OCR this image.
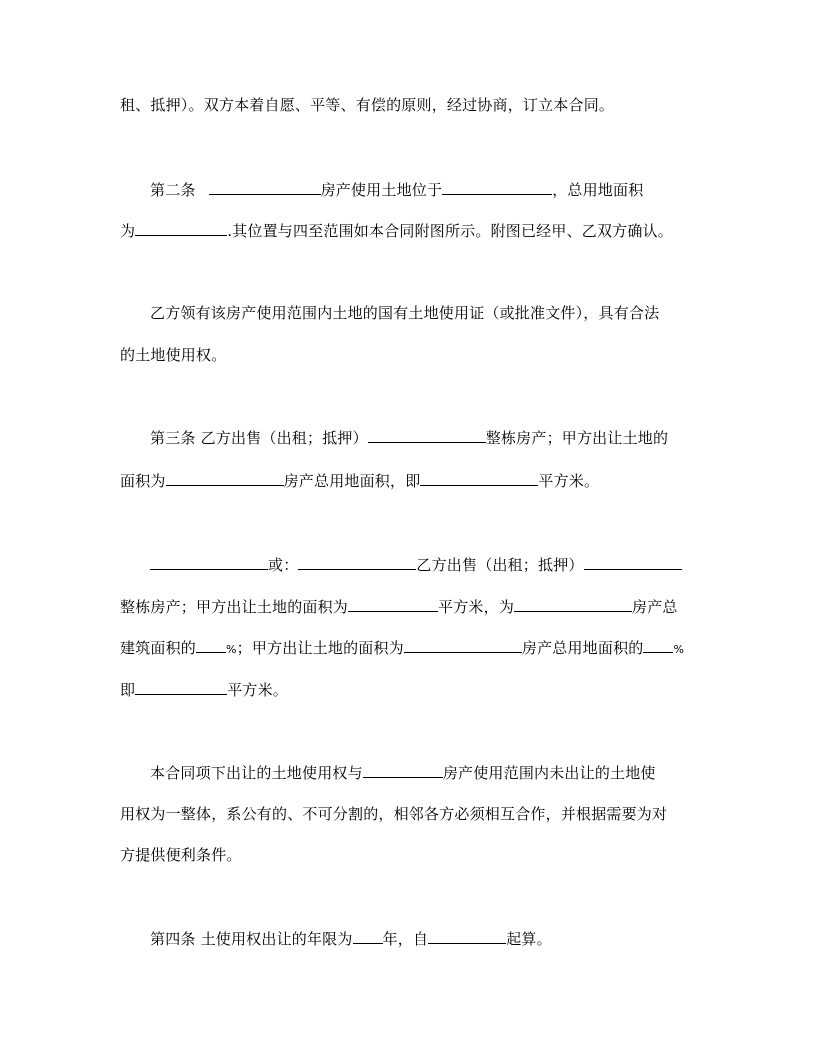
租、抵押）。双方本着自愿、平等、有偿的原则，经过协商，订立本合同。
第二条	房产使用土地位于	，总用地面积
为	.其位置与四至范围如本合同附图所示。附图已经甲、乙双方确认。
乙方领有该房产使用范围内土地的国有土地使用证（或批准文件），具有合法
的土地使用权。
第三条 乙方出售（出租；抵押）	整栋房产；甲方出让土地的
面积为	房产总用地面积，即	平方米。
或：	乙方出售（出租；抵押）
整栋房产；甲方出让土地的面积为	平方米，为	房产总
建筑面积的	%；甲方出让土地的面积为	房产总用地面积的	%
即	平方米。
本合同项下出让的土地使用权与	房产使用范围内未出让的土地使
用权为一整体，系公有的、不可分割的，相邻各方必须相互合作，并根据需要为对
方提供便利条件。
第四条 土使用权出让的年限为 年，自	起算。
